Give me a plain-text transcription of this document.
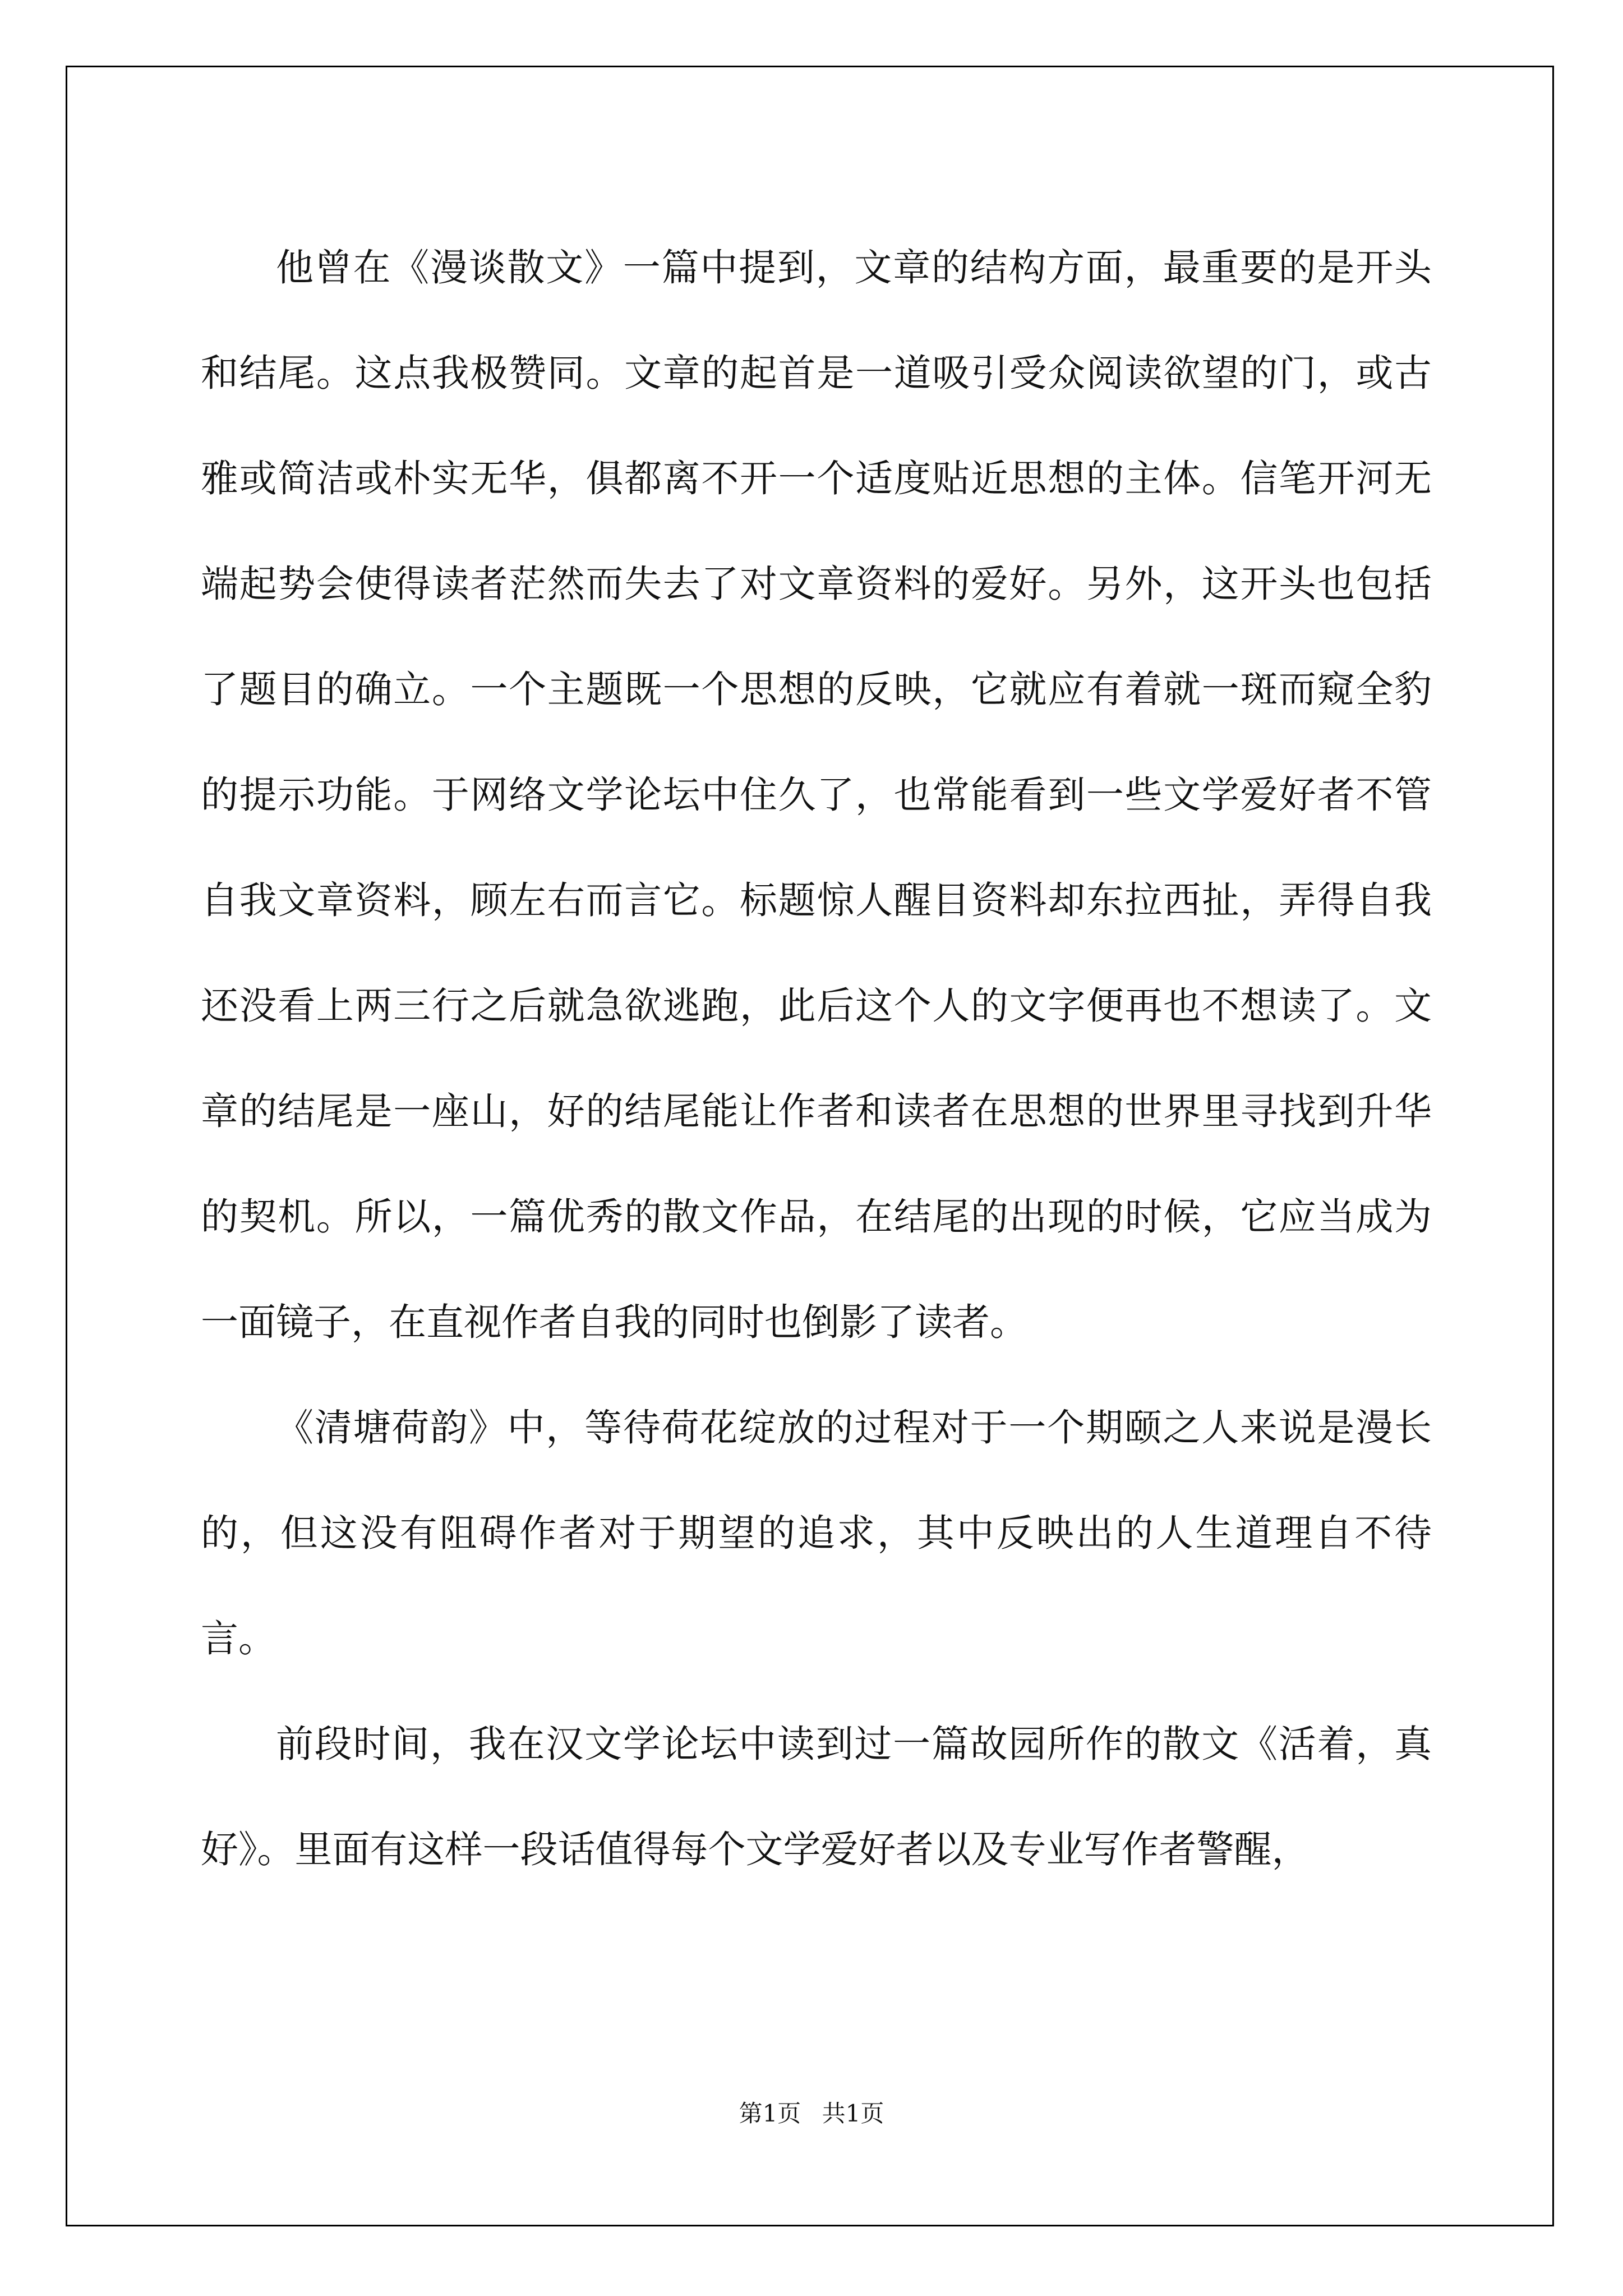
他曾在《漫谈散文》一篇中提到，文章的结构方面，最重要的是开头和结尾。这点我极赞同。文章的起首是一道吸引受众阅读欲望的门，或古雅或简洁或朴实无华，俱都离不开一个适度贴近思想的主体。信笔开河无端起势会使得读者茫然而失去了对文章资料的爱好。另外，这开头也包括了题目的确立。一个主题既一个思想的反映，它就应有着就一斑而窥全豹的提示功能。于网络文学论坛中住久了，也常能看到一些文学爱好者不管自我文章资料，顾左右而言它。标题惊人醒目资料却东拉西扯，弄得自我还没看上两三行之后就急欲逃跑，此后这个人的文字便再也不想读了。文章的结尾是一座山，好的结尾能让作者和读者在思想的世界里寻找到升华的契机。所以，一篇优秀的散文作品，在结尾的出现的时候，它应当成为一面镜子，在直视作者自我的同时也倒影了读者。

《清塘荷韵》中，等待荷花绽放的过程对于一个期颐之人来说是漫长的，但这没有阻碍作者对于期望的追求，其中反映出的人生道理自不待言。

前段时间，我在汉文学论坛中读到过一篇故园所作的散文《活着，真好》。里面有这样一段话值得每个文学爱好者以及专业写作者警醒，

第1页 共1页
